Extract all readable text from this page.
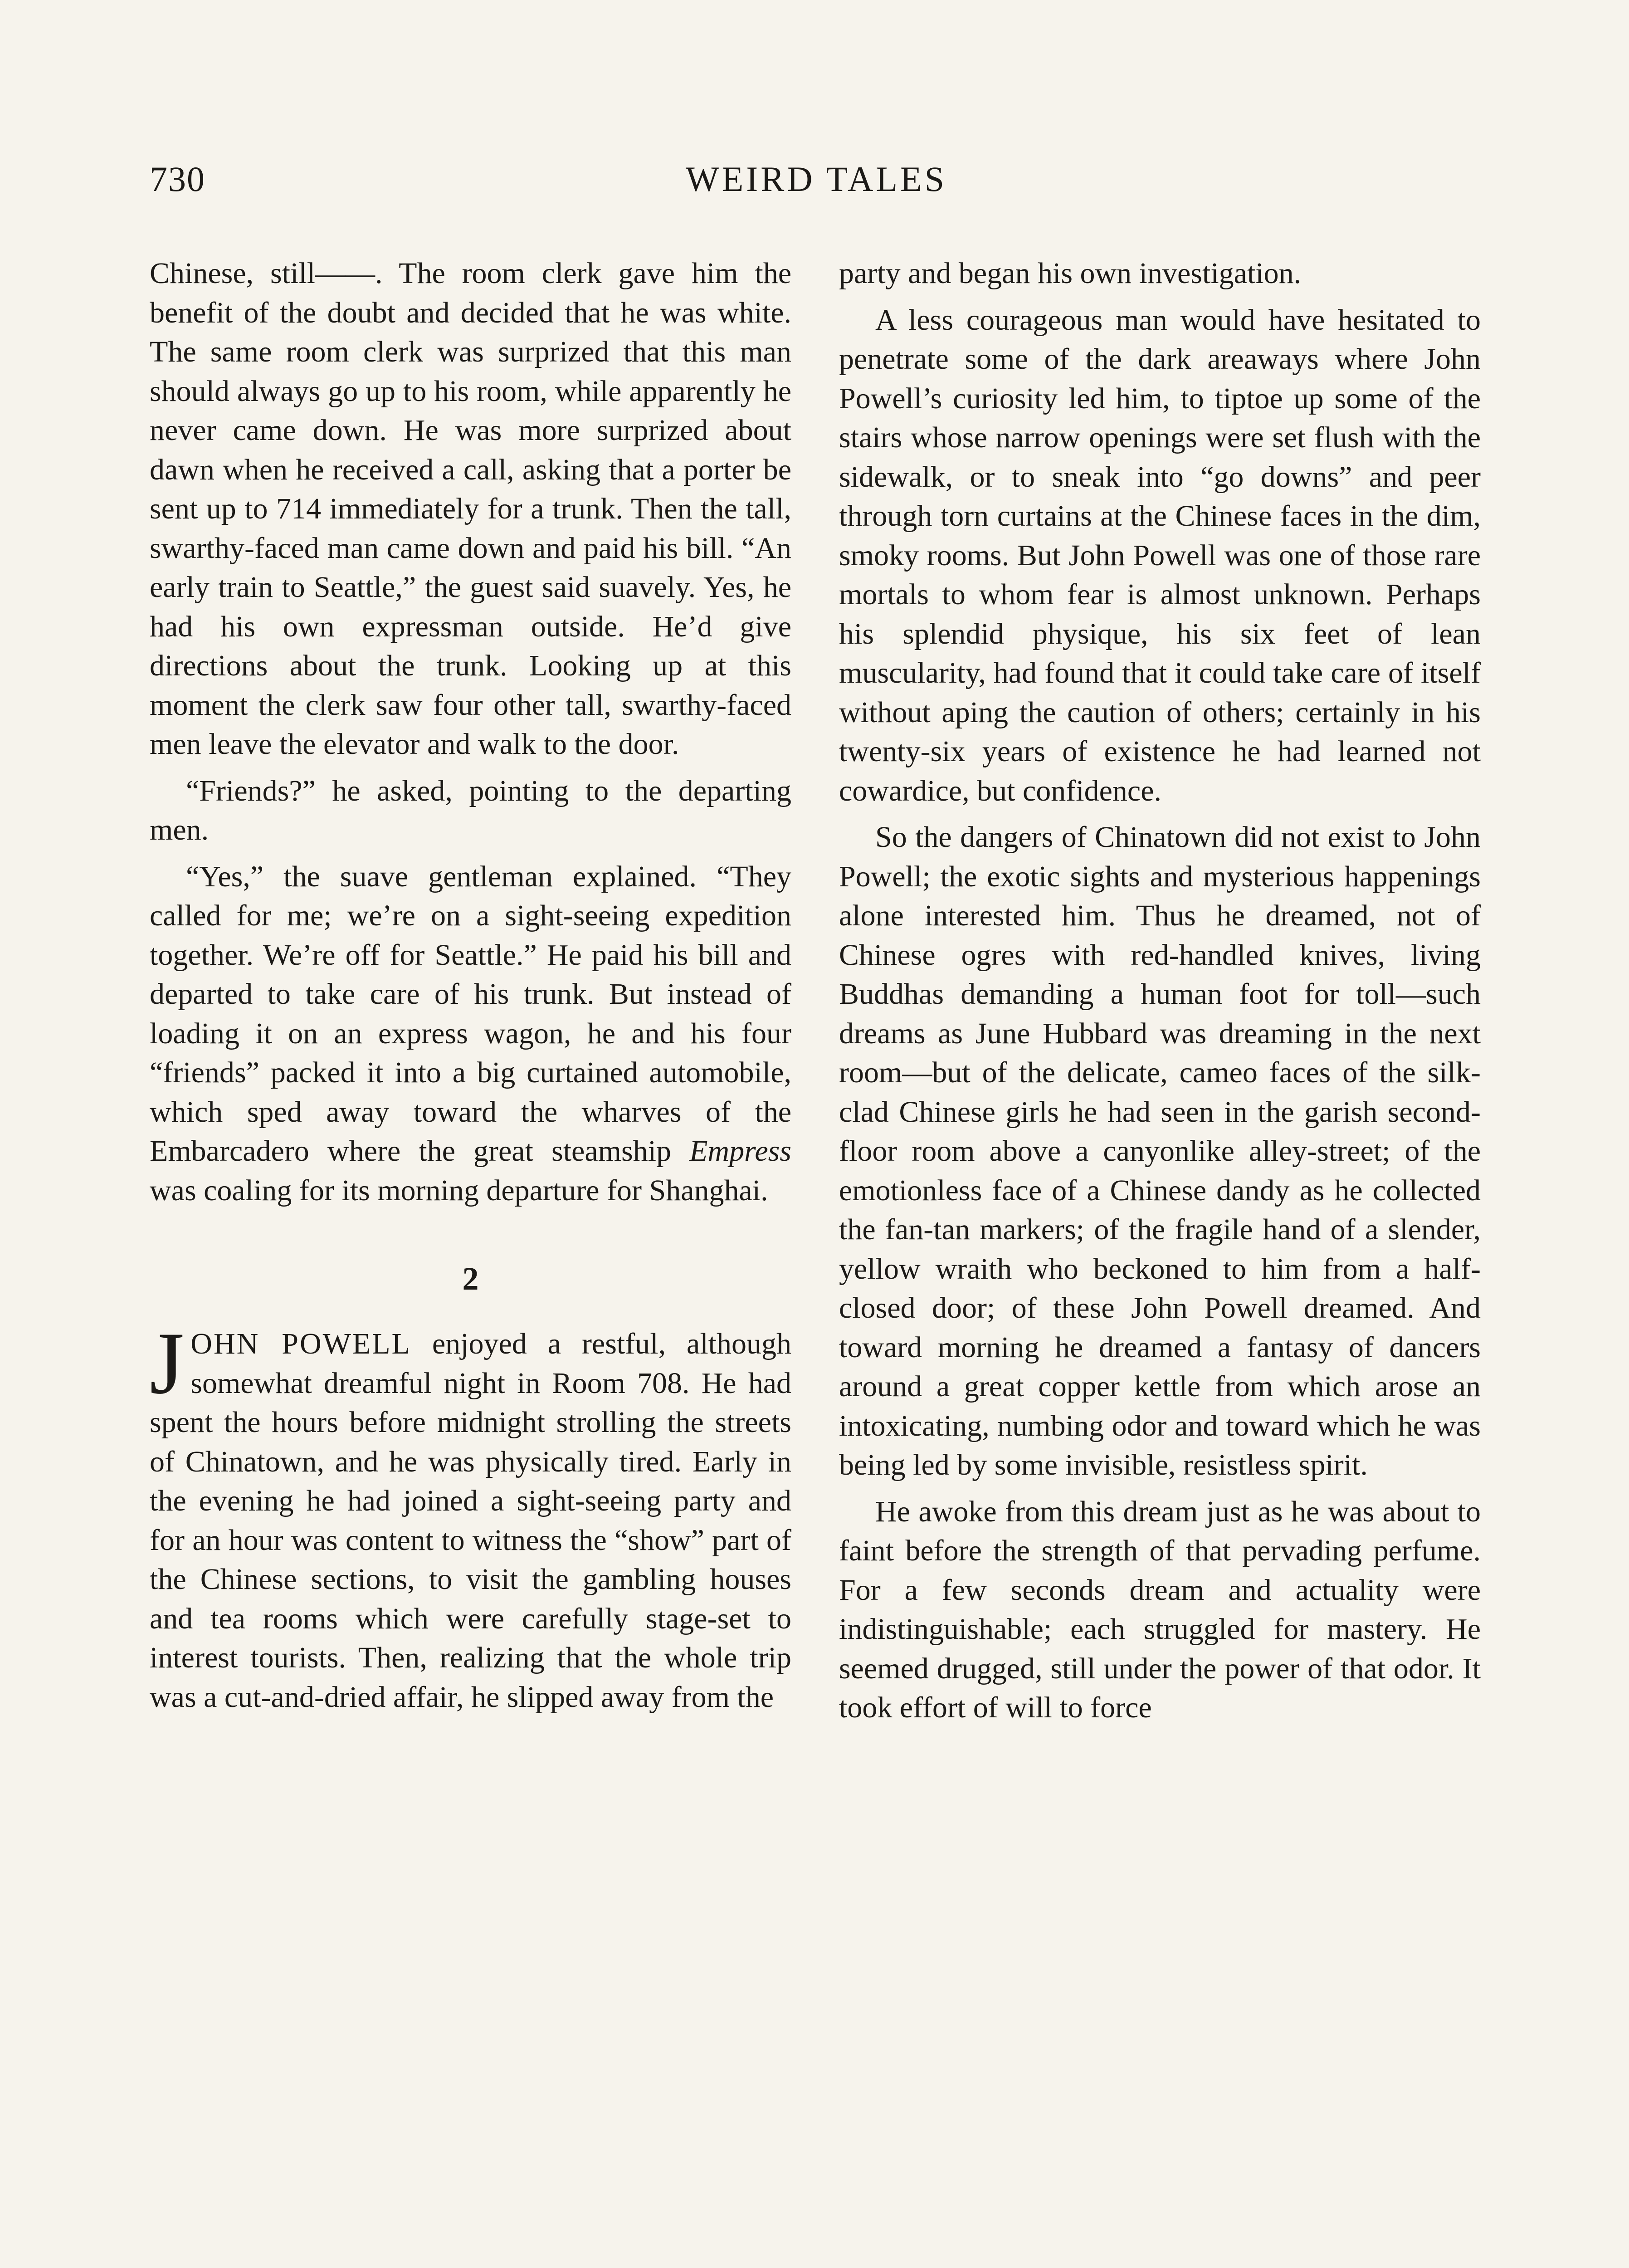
730	WEIRD TALES

Chinese, still——. The room clerk gave him the benefit of the doubt and decided that he was white. The same room clerk was surprized that this man should always go up to his room, while apparently he never came down. He was more surprized about dawn when he received a call, asking that a porter be sent up to 714 immediately for a trunk. Then the tall, swarthy-faced man came down and paid his bill. “An early train to Seattle,” the guest said suavely. Yes, he had his own expressman outside. He’d give directions about the trunk. Looking up at this moment the clerk saw four other tall, swarthy-faced men leave the elevator and walk to the door.

“Friends?” he asked, pointing to the departing men.

“Yes,” the suave gentleman explained. “They called for me; we’re on a sight-seeing expedition together. We’re off for Seattle.” He paid his bill and departed to take care of his trunk. But instead of loading it on an express wagon, he and his four “friends” packed it into a big curtained automobile, which sped away toward the wharves of the Embarcadero where the great steamship Empress was coaling for its morning departure for Shanghai.

2

JOHN POWELL enjoyed a restful, although somewhat dreamful night in Room 708. He had spent the hours before midnight strolling the streets of Chinatown, and he was physically tired. Early in the evening he had joined a sight-seeing party and for an hour was content to witness the “show” part of the Chinese sections, to visit the gambling houses and tea rooms which were carefully stage-set to interest tourists. Then, realizing that the whole trip was a cut-and-dried affair, he slipped away from the

party and began his own investigation.

A less courageous man would have hesitated to penetrate some of the dark areaways where John Powell’s curiosity led him, to tiptoe up some of the stairs whose narrow openings were set flush with the sidewalk, or to sneak into “go downs” and peer through torn curtains at the Chinese faces in the dim, smoky rooms. But John Powell was one of those rare mortals to whom fear is almost unknown. Perhaps his splendid physique, his six feet of lean muscularity, had found that it could take care of itself without aping the caution of others; certainly in his twenty-six years of existence he had learned not cowardice, but confidence.

So the dangers of Chinatown did not exist to John Powell; the exotic sights and mysterious happenings alone interested him. Thus he dreamed, not of Chinese ogres with red-handled knives, living Buddhas demanding a human foot for toll—such dreams as June Hubbard was dreaming in the next room—but of the delicate, cameo faces of the silk-clad Chinese girls he had seen in the garish second-floor room above a canyonlike alley-street; of the emotionless face of a Chinese dandy as he collected the fan-tan markers; of the fragile hand of a slender, yellow wraith who beckoned to him from a half-closed door; of these John Powell dreamed. And toward morning he dreamed a fantasy of dancers around a great copper kettle from which arose an intoxicating, numbing odor and toward which he was being led by some invisible, resistless spirit.

He awoke from this dream just as he was about to faint before the strength of that pervading perfume. For a few seconds dream and actuality were indistinguishable; each struggled for mastery. He seemed drugged, still under the power of that odor. It took effort of will to force
